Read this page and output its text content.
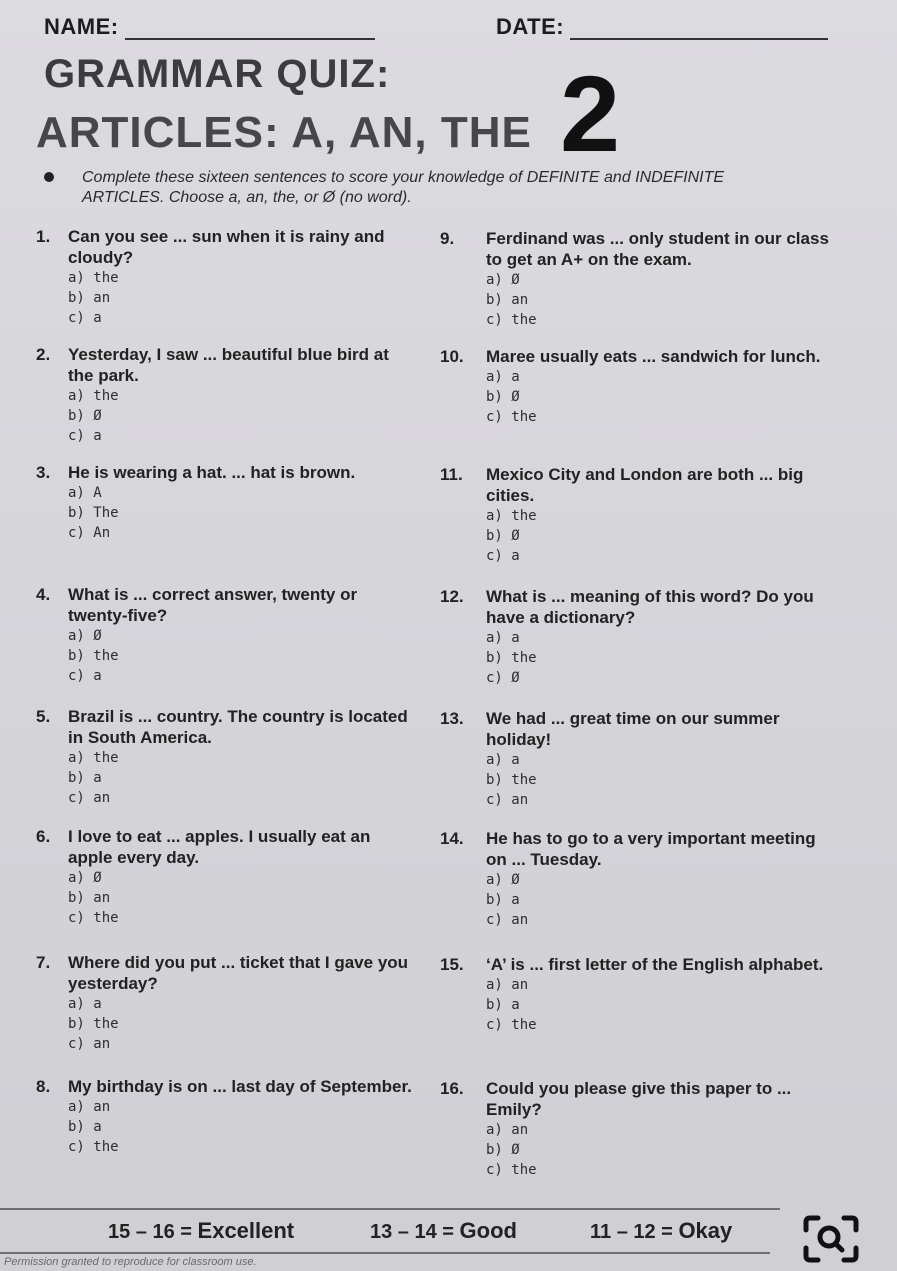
NAME:	DATE:
GRAMMAR QUIZ:
ARTICLES: A, AN, THE 2
Complete these sixteen sentences to score your knowledge of DEFINITE and INDEFINITE ARTICLES. Choose a, an, the, or Ø (no word).
1. Can you see ... sun when it is rainy and cloudy?
a) the
b) an
c) a
2. Yesterday, I saw ... beautiful blue bird at the park.
a) the
b) Ø
c) a
3. He is wearing a hat. ... hat is brown.
a) A
b) The
c) An
4. What is ... correct answer, twenty or twenty-five?
a) Ø
b) the
c) a
5. Brazil is ... country. The country is located in South America.
a) the
b) a
c) an
6. I love to eat ... apples. I usually eat an apple every day.
a) Ø
b) an
c) the
7. Where did you put ... ticket that I gave you yesterday?
a) a
b) the
c) an
8. My birthday is on ... last day of September.
a) an
b) a
c) the
9. Ferdinand was ... only student in our class to get an A+ on the exam.
a) Ø
b) an
c) the
10. Maree usually eats ... sandwich for lunch.
a) a
b) Ø
c) the
11. Mexico City and London are both ... big cities.
a) the
b) Ø
c) a
12. What is ... meaning of this word? Do you have a dictionary?
a) a
b) the
c) Ø
13. We had ... great time on our summer holiday!
a) a
b) the
c) an
14. He has to go to a very important meeting on ... Tuesday.
a) Ø
b) a
c) an
15. ‘A’ is ... first letter of the English alphabet.
a) an
b) a
c) the
16. Could you please give this paper to ... Emily?
a) an
b) Ø
c) the
15 – 16 = Excellent	13 – 14 = Good	11 – 12 = Okay
Permission granted to reproduce for classroom use.
